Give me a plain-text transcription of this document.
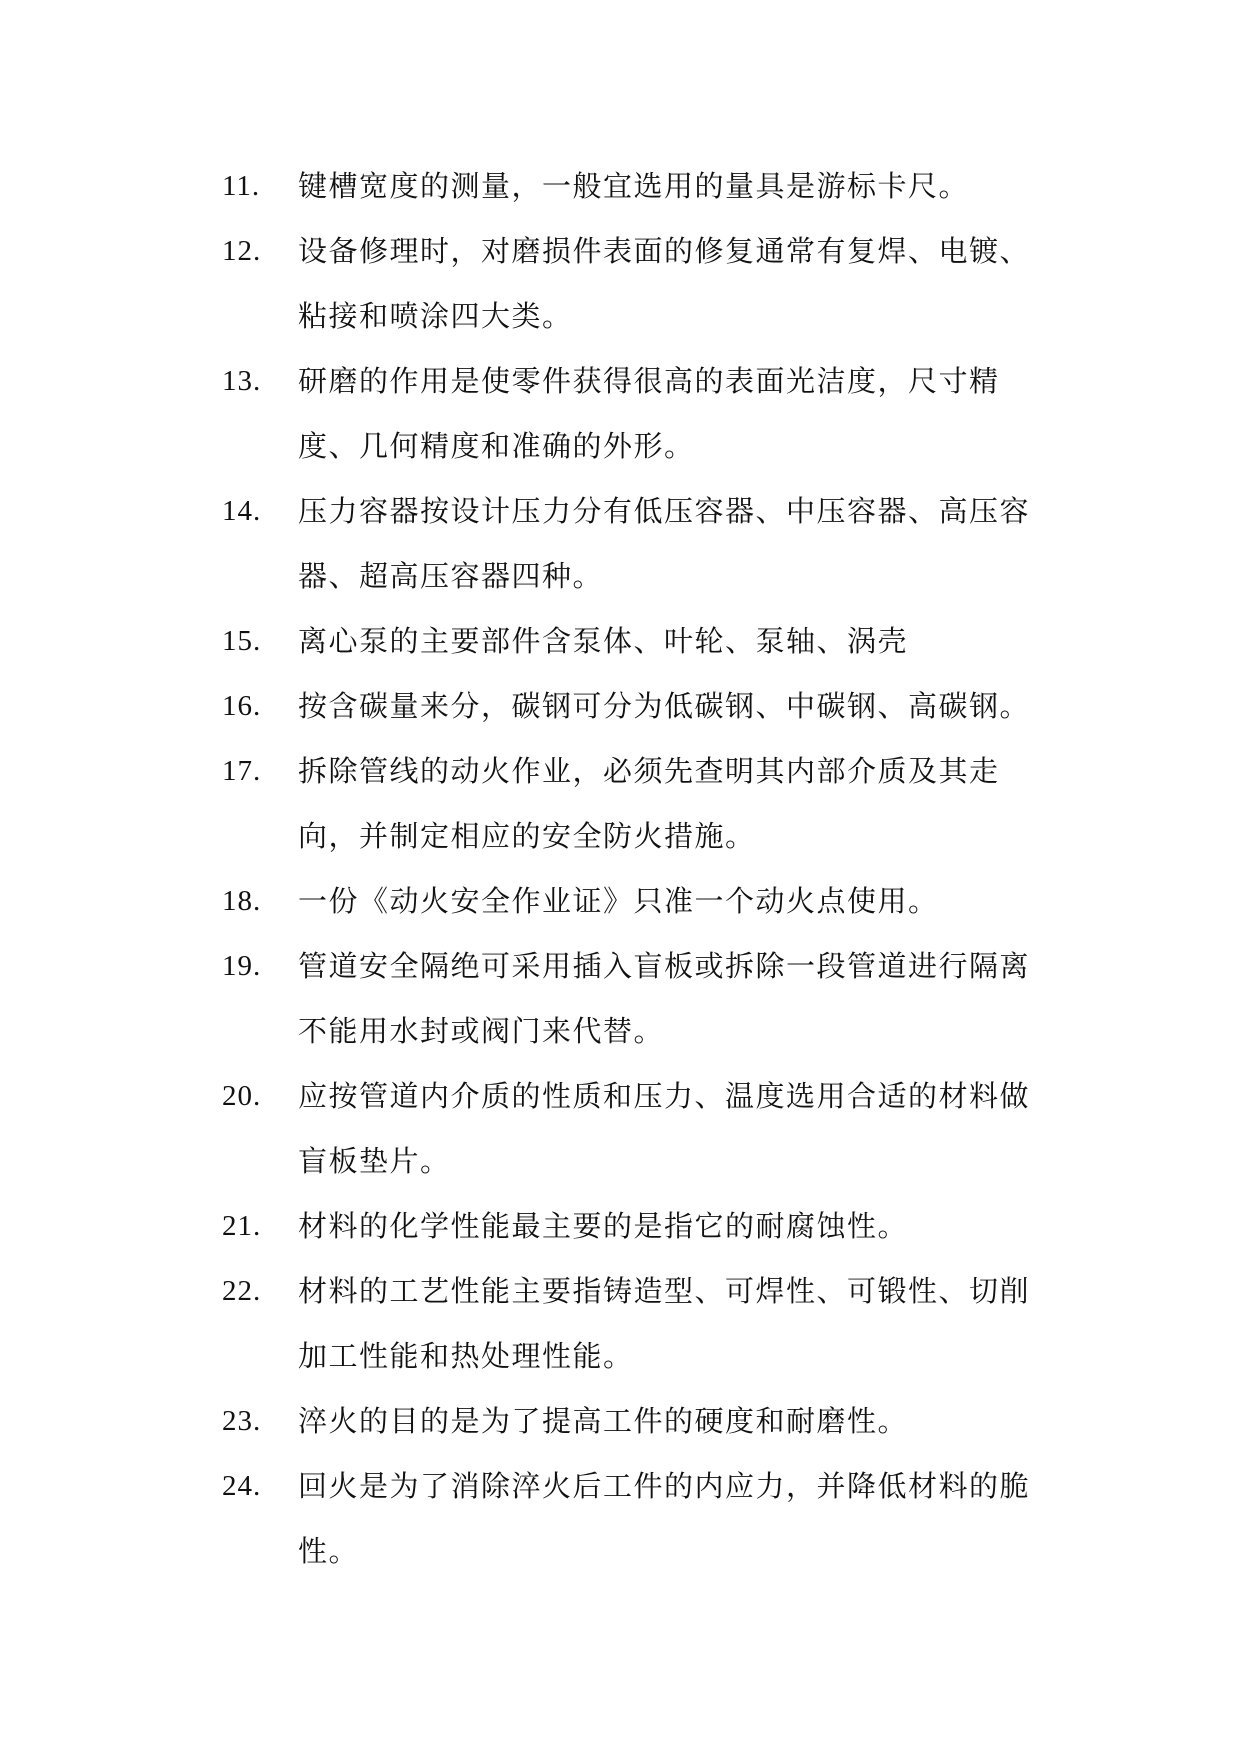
11.	键槽宽度的测量，一般宜选用的量具是游标卡尺。
12.	设备修理时，对磨损件表面的修复通常有复焊、电镀、粘接和喷涂四大类。
13.	研磨的作用是使零件获得很高的表面光洁度，尺寸精度、几何精度和准确的外形。
14.	压力容器按设计压力分有低压容器、中压容器、高压容器、超高压容器四种。
15.	离心泵的主要部件含泵体、叶轮、泵轴、涡壳
16.	按含碳量来分，碳钢可分为低碳钢、中碳钢、高碳钢。
17.	拆除管线的动火作业，必须先查明其内部介质及其走向，并制定相应的安全防火措施。
18.	一份《动火安全作业证》只准一个动火点使用。
19.	管道安全隔绝可采用插入盲板或拆除一段管道进行隔离不能用水封或阀门来代替。
20.	应按管道内介质的性质和压力、温度选用合适的材料做盲板垫片。
21.	材料的化学性能最主要的是指它的耐腐蚀性。
22.	材料的工艺性能主要指铸造型、可焊性、可锻性、切削加工性能和热处理性能。
23.	淬火的目的是为了提高工件的硬度和耐磨性。
24.	回火是为了消除淬火后工件的内应力，并降低材料的脆性。
